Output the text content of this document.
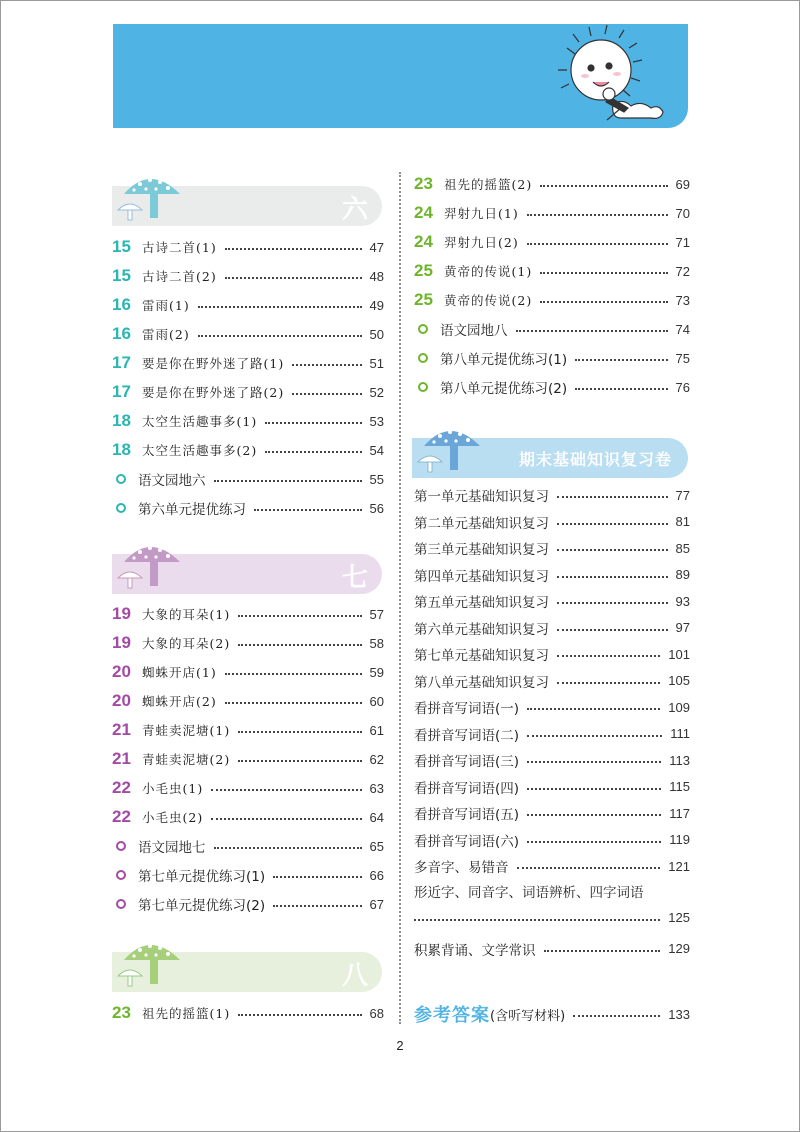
六
七
八
期末基础知识复习卷
15 古诗二首(1)	47
15 古诗二首(2)	48
16 雷雨(1)	49
16 雷雨(2)	50
17 要是你在野外迷了路(1)	51
17 要是你在野外迷了路(2)	52
18 太空生活趣事多(1)	53
18 太空生活趣事多(2)	54
语文园地六	55
第六单元提优练习	56
19 大象的耳朵(1)	57
19 大象的耳朵(2)	58
20 蜘蛛开店(1)	59
20 蜘蛛开店(2)	60
21 青蛙卖泥塘(1)	61
21 青蛙卖泥塘(2)	62
22 小毛虫(1)	63
22 小毛虫(2)	64
语文园地七	65
第七单元提优练习(1)	66
第七单元提优练习(2)	67
23 祖先的摇篮(1)	68
23 祖先的摇篮(2)	69
24 羿射九日(1)	70
24 羿射九日(2)	71
25 黄帝的传说(1)	72
25 黄帝的传说(2)	73
语文园地八	74
第八单元提优练习(1)	75
第八单元提优练习(2)	76
第一单元基础知识复习	77
第二单元基础知识复习	81
第三单元基础知识复习	85
第四单元基础知识复习	89
第五单元基础知识复习	93
第六单元基础知识复习	97
第七单元基础知识复习	101
第八单元基础知识复习	105
看拼音写词语(一)	109
看拼音写词语(二)	111
看拼音写词语(三)	113
看拼音写词语(四)	115
看拼音写词语(五)	117
看拼音写词语(六)	119
多音字、易错音	121
形近字、同音字、词语辨析、四字词语
125
积累背诵、文学常识	129
参考答案 (含听写材料)	133
2
